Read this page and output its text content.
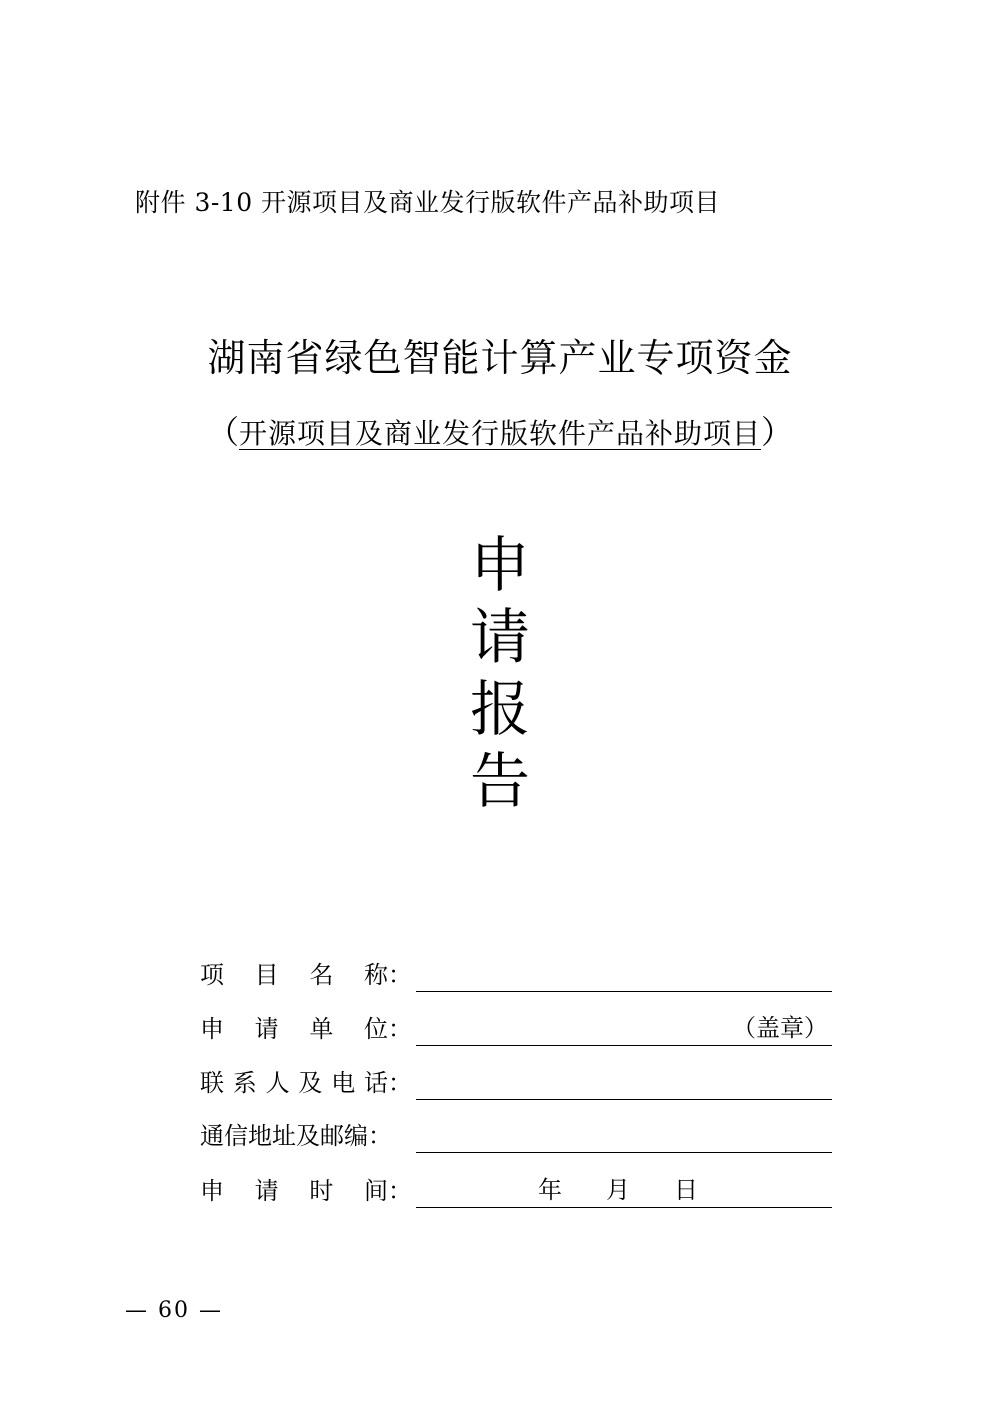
附件 3-10 开源项目及商业发行版软件产品补助项目
湖南省绿色智能计算产业专项资金
（开源项目及商业发行版软件产品补助项目）
申
请
报
告
项 目 名 称：
申 请 单 位：	（盖章）
联 系 人 及 电 话：
通信地址及邮编：
申 请 时 间：	年 月 日
— 60 —
